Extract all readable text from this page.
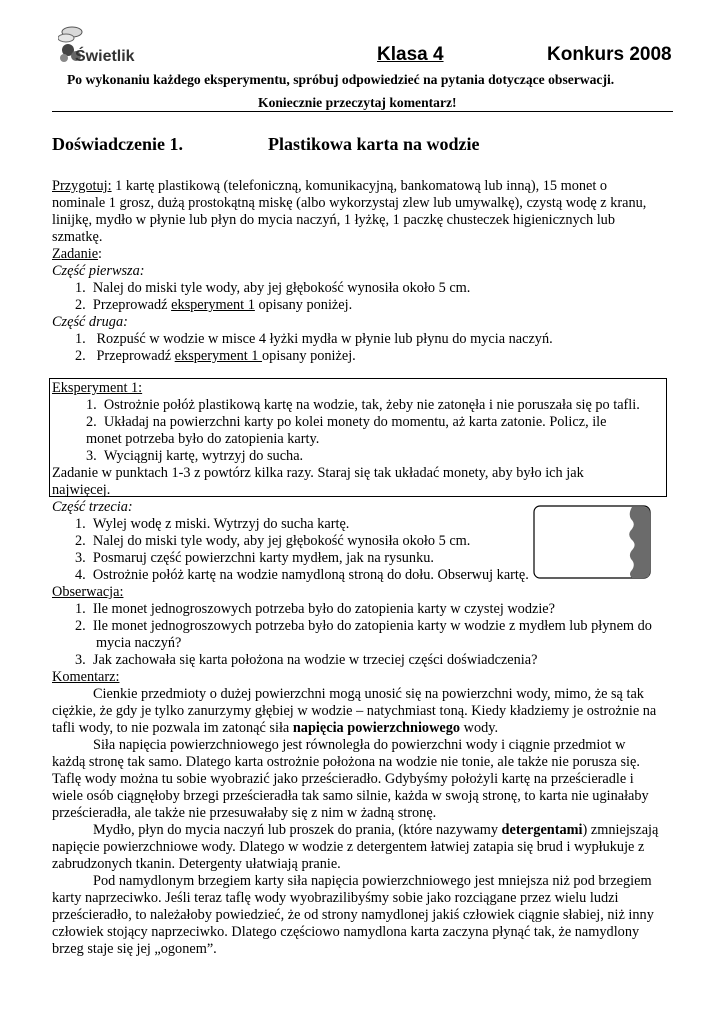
Świetlik	Klasa 4	Konkurs 2008
Po wykonaniu każdego eksperymentu, spróbuj odpowiedzieć na pytania dotyczące obserwacji.
Koniecznie przeczytaj komentarz!
Doświadczenie 1.	Plastikowa karta na wodzie
Przygotuj: 1 kartę plastikową (telefoniczną, komunikacyjną, bankomatową lub inną), 15 monet o
nominale 1 grosz, dużą prostokątną miskę (albo wykorzystaj zlew lub umywalkę), czystą wodę z kranu,
linijkę, mydło w płynie lub płyn do mycia naczyń, 1 łyżkę, 1 paczkę chusteczek higienicznych lub
szmatkę.
Zadanie:
Część pierwsza:
1. Nalej do miski tyle wody, aby jej głębokość wynosiła około 5 cm.
2. Przeprowadź eksperyment 1 opisany poniżej.
Część druga:
1. Rozpuść w wodzie w misce 4 łyżki mydła w płynie lub płynu do mycia naczyń.
2. Przeprowadź eksperyment 1 opisany poniżej.
Eksperyment 1:
1. Ostrożnie połóż plastikową kartę na wodzie, tak, żeby nie zatonęła i nie poruszała się po tafli.
2. Układaj na powierzchni karty po kolei monety do momentu, aż karta zatonie. Policz, ile
monet potrzeba było do zatopienia karty.
3. Wyciągnij kartę, wytrzyj do sucha.
Zadanie w punktach 1-3 z powtórz kilka razy. Staraj się tak układać monety, aby było ich jak
najwięcej.
Część trzecia:
1. Wylej wodę z miski. Wytrzyj do sucha kartę.
2. Nalej do miski tyle wody, aby jej głębokość wynosiła około 5 cm.
3. Posmaruj część powierzchni karty mydłem, jak na rysunku.
4. Ostrożnie połóż kartę na wodzie namydloną stroną do dołu. Obserwuj kartę.
Obserwacja:
1. Ile monet jednogroszowych potrzeba było do zatopienia karty w czystej wodzie?
2. Ile monet jednogroszowych potrzeba było do zatopienia karty w wodzie z mydłem lub płynem do
mycia naczyń?
3. Jak zachowała się karta położona na wodzie w trzeciej części doświadczenia?
Komentarz:
Cienkie przedmioty o dużej powierzchni mogą unosić się na powierzchni wody, mimo, że są tak
ciężkie, że gdy je tylko zanurzymy głębiej w wodzie – natychmiast toną. Kiedy kładziemy je ostrożnie na
tafli wody, to nie pozwala im zatonąć siła napięcia powierzchniowego wody.
Siła napięcia powierzchniowego jest równoległa do powierzchni wody i ciągnie przedmiot w
każdą stronę tak samo. Dlatego karta ostrożnie położona na wodzie nie tonie, ale także nie porusza się.
Taflę wody można tu sobie wyobrazić jako prześcieradło. Gdybyśmy położyli kartę na prześcieradle i
wiele osób ciągnęłoby brzegi prześcieradła tak samo silnie, każda w swoją stronę, to karta nie uginałaby
prześcieradła, ale także nie przesuwałaby się z nim w żadną stronę.
Mydło, płyn do mycia naczyń lub proszek do prania, (które nazywamy detergentami) zmniejszają
napięcie powierzchniowe wody. Dlatego w wodzie z detergentem łatwiej zatapia się brud i wypłukuje z
zabrudzonych tkanin. Detergenty ułatwiają pranie.
Pod namydlonym brzegiem karty siła napięcia powierzchniowego jest mniejsza niż pod brzegiem
karty naprzeciwko. Jeśli teraz taflę wody wyobrazilibyśmy sobie jako rozciągane przez wielu ludzi
prześcieradło, to należałoby powiedzieć, że od strony namydlonej jakiś człowiek ciągnie słabiej, niż inny
człowiek stojący naprzeciwko. Dlatego częściowo namydlona karta zaczyna płynąć tak, że namydlony
brzeg staje się jej „ogonem”.
